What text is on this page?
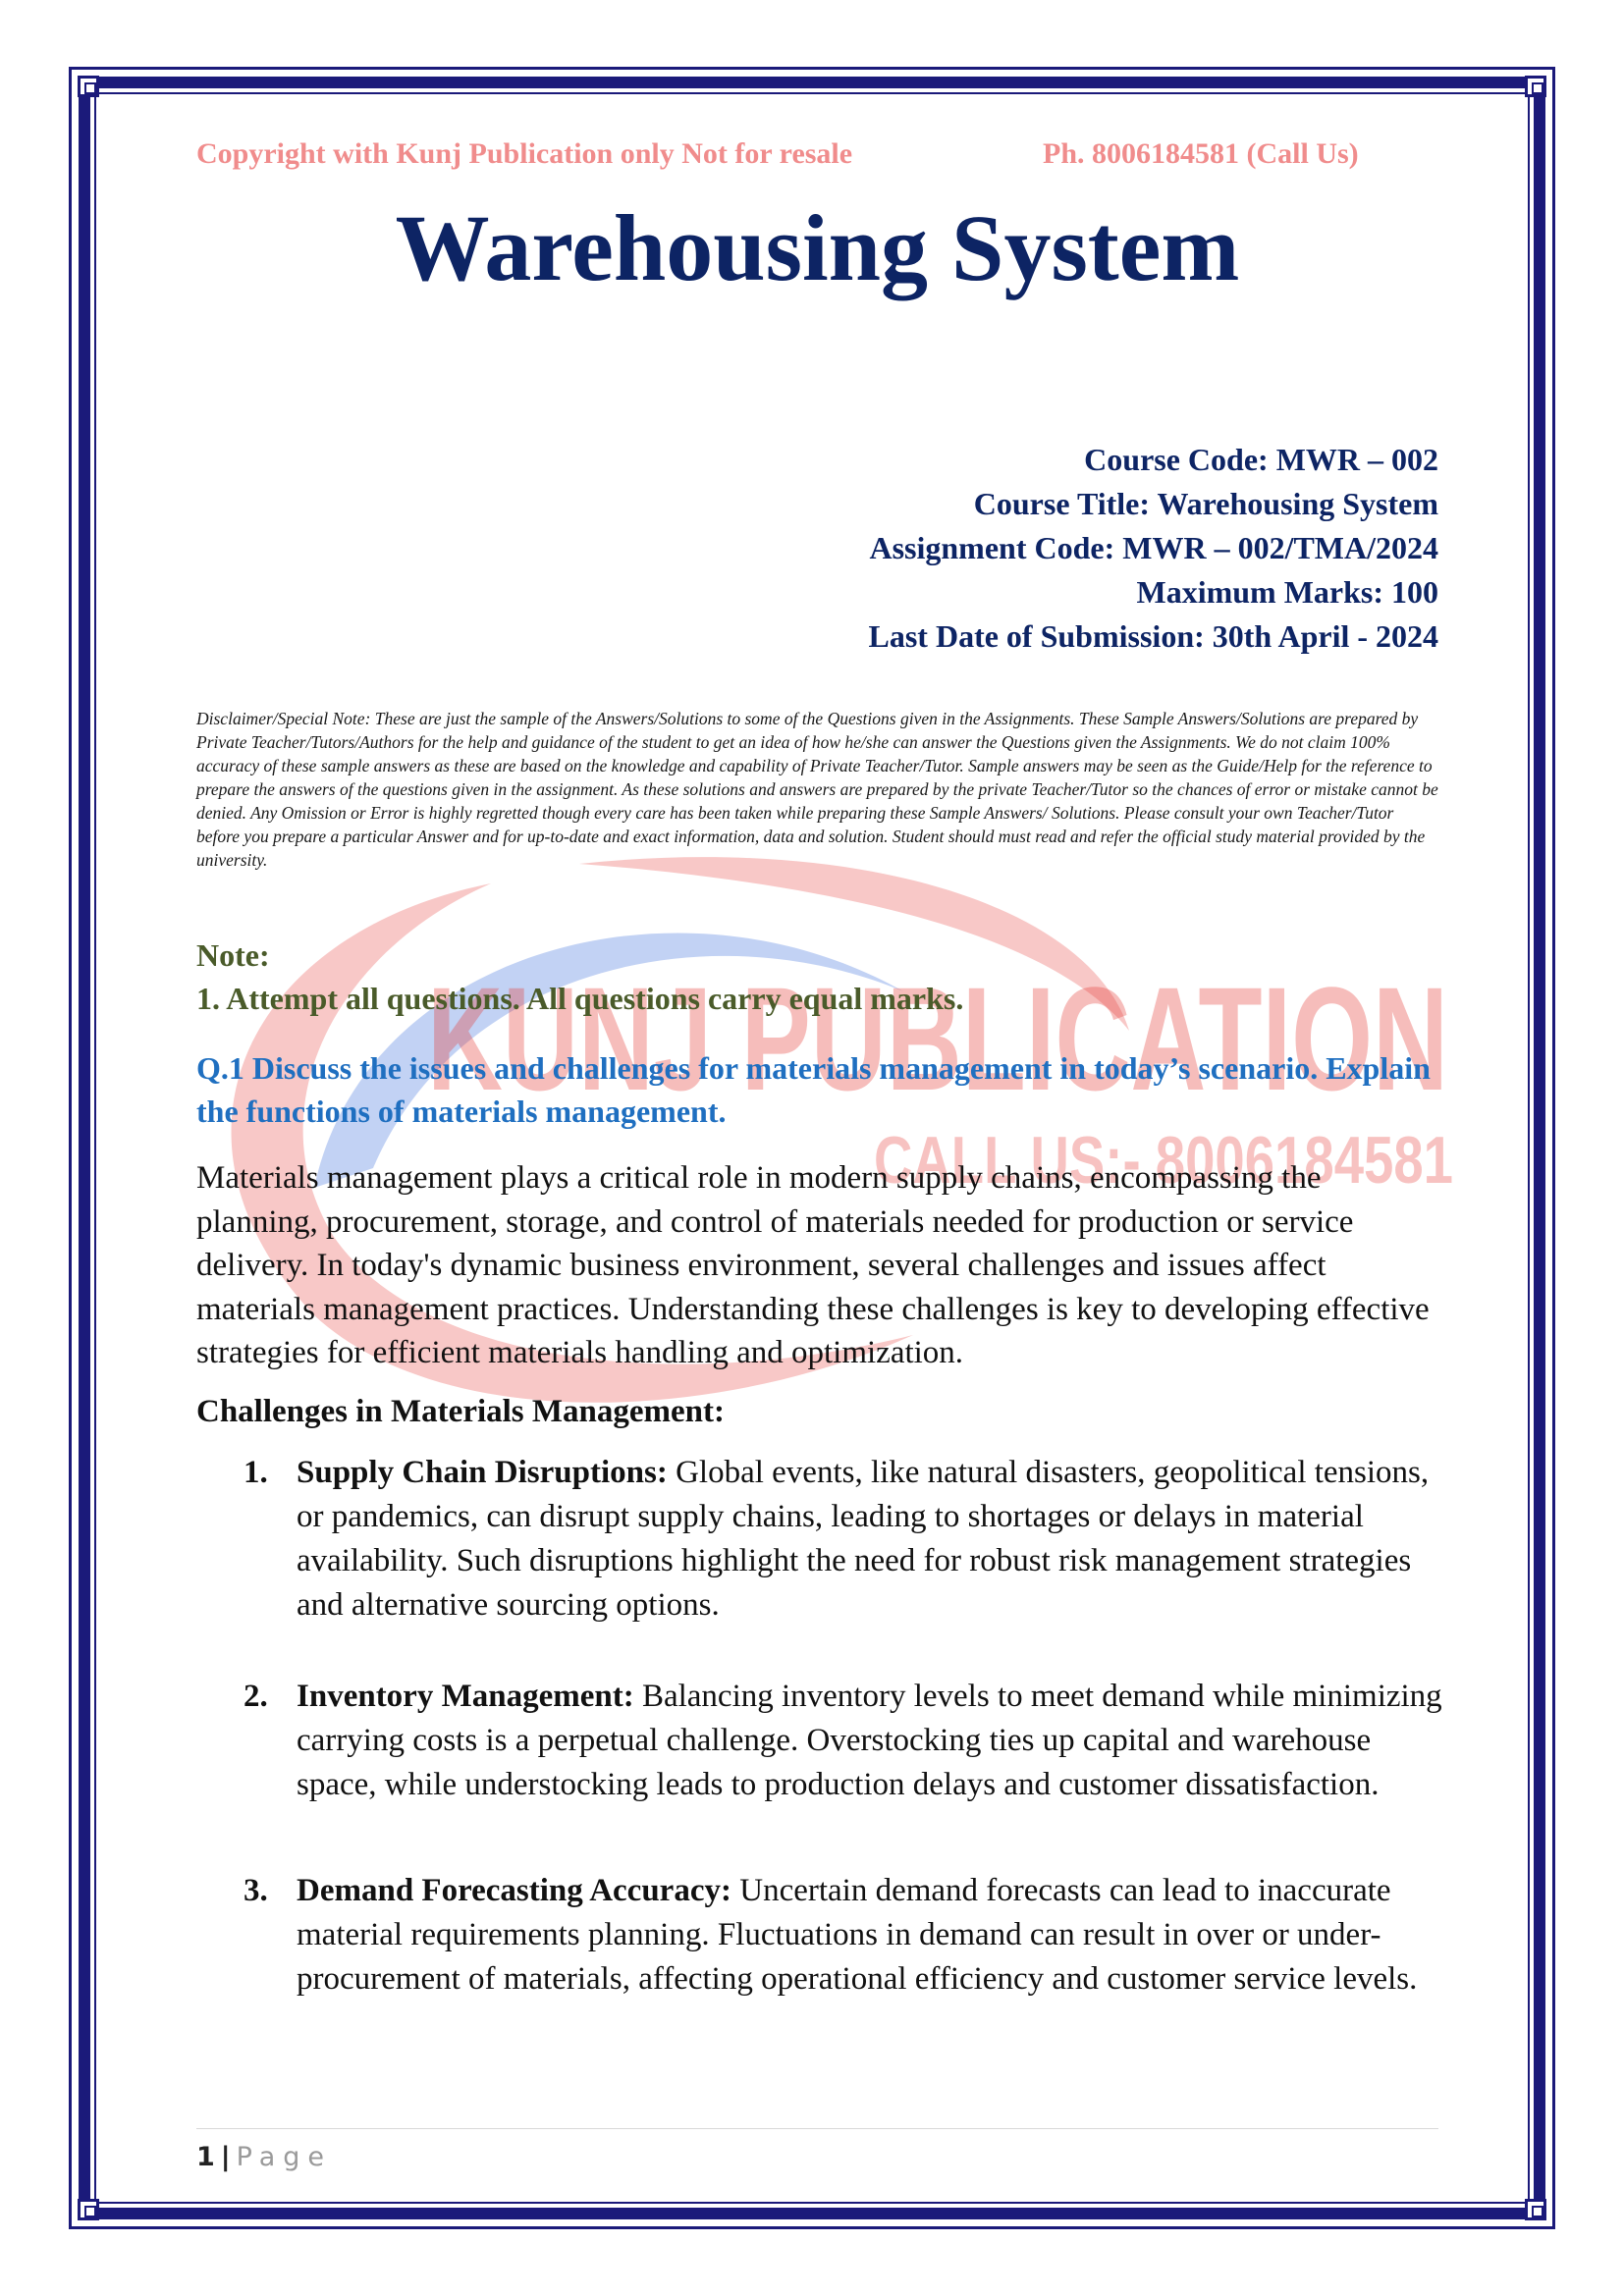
KUNJ PUBLICATION
CALL US:- 8006184581
Copyright with Kunj Publication only Not for resale	Ph. 8006184581 (Call Us)
Warehousing System
Course Code: MWR – 002
Course Title: Warehousing System
Assignment Code: MWR – 002/TMA/2024
Maximum Marks: 100
Last Date of Submission: 30th April - 2024
Disclaimer/Special Note: These are just the sample of the Answers/Solutions to some of the Questions given in the Assignments. These Sample Answers/Solutions are prepared by Private Teacher/Tutors/Authors for the help and guidance of the student to get an idea of how he/she can answer the Questions given the Assignments. We do not claim 100% accuracy of these sample answers as these are based on the knowledge and capability of Private Teacher/Tutor. Sample answers may be seen as the Guide/Help for the reference to prepare the answers of the questions given in the assignment. As these solutions and answers are prepared by the private Teacher/Tutor so the chances of error or mistake cannot be denied. Any Omission or Error is highly regretted though every care has been taken while preparing these Sample Answers/ Solutions. Please consult your own Teacher/Tutor before you prepare a particular Answer and for up-to-date and exact information, data and solution. Student should must read and refer the official study material provided by the university.
Note:
1. Attempt all questions. All questions carry equal marks.
Q.1 Discuss the issues and challenges for materials management in today’s scenario. Explain the functions of materials management.
Materials management plays a critical role in modern supply chains, encompassing the planning, procurement, storage, and control of materials needed for production or service delivery. In today's dynamic business environment, several challenges and issues affect materials management practices. Understanding these challenges is key to developing effective strategies for efficient materials handling and optimization.
Challenges in Materials Management:
1. Supply Chain Disruptions: Global events, like natural disasters, geopolitical tensions, or pandemics, can disrupt supply chains, leading to shortages or delays in material availability. Such disruptions highlight the need for robust risk management strategies and alternative sourcing options.
2. Inventory Management: Balancing inventory levels to meet demand while minimizing carrying costs is a perpetual challenge. Overstocking ties up capital and warehouse space, while understocking leads to production delays and customer dissatisfaction.
3. Demand Forecasting Accuracy: Uncertain demand forecasts can lead to inaccurate material requirements planning. Fluctuations in demand can result in over or under-procurement of materials, affecting operational efficiency and customer service levels.
1 | Page
